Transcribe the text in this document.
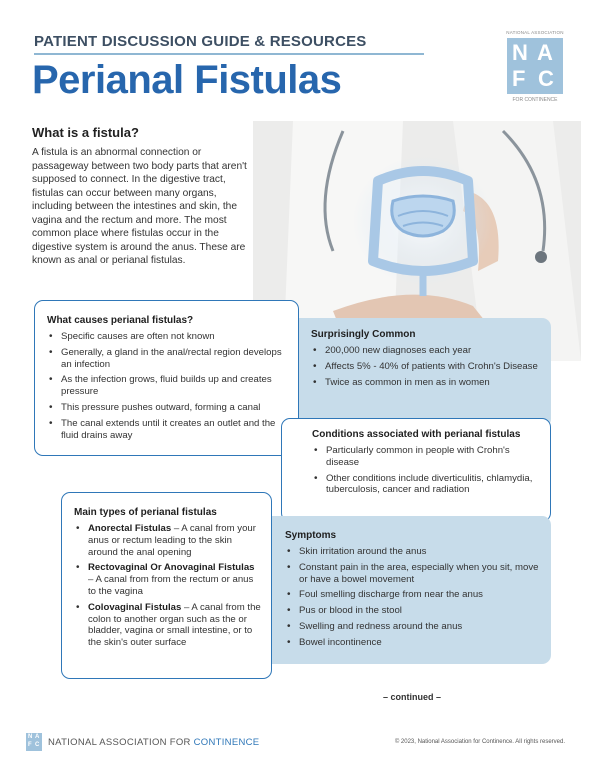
PATIENT DISCUSSION GUIDE & RESOURCES
Perianal Fistulas
NATIONAL ASSOCIATION
N A
F C
FOR CONTINENCE
What is a fistula?

A fistula is an abnormal connection or passageway between two body parts that aren't supposed to connect. In the digestive tract, fistulas can occur between many organs, including between the intestines and skin, the vagina and the rectum and more. The most common place where fistulas occur in the digestive system is around the anus. These are known as anal or perianal fistulas.

What causes perianal fistulas?
• Specific causes are often not known
• Generally, a gland in the anal/rectal region develops an infection
• As the infection grows, fluid builds up and creates pressure
• This pressure pushes outward, forming a canal
• The canal extends until it creates an outlet and the fluid drains away
Surprisingly Common
• 200,000 new diagnoses each year
• Affects 5% - 40% of patients with Crohn's Disease
• Twice as common in men as in women
Conditions associated with perianal fistulas
• Particularly common in people with Crohn's disease
• Other conditions include diverticulitis, chlamydia, tuberculosis, cancer and radiation
Main types of perianal fistulas
• Anorectal Fistulas – A canal from your anus or rectum leading to the skin around the anal opening
• Rectovaginal Or Anovaginal Fistulas – A canal from from the rectum or anus to the vagina
• Colovaginal Fistulas – A canal from the colon to another organ such as the or bladder, vagina or small intestine, or to the skin's outer surface
Symptoms
• Skin irritation around the anus
• Constant pain in the area, especially when you sit, move or have a bowel movement
• Foul smelling discharge from near the anus
• Pus or blood in the stool
• Swelling and redness around the anus
• Bowel incontinence
– continued –
N A
F C NATIONAL ASSOCIATION FOR CONTINENCE	© 2023, National Association for Continence. All rights reserved.
